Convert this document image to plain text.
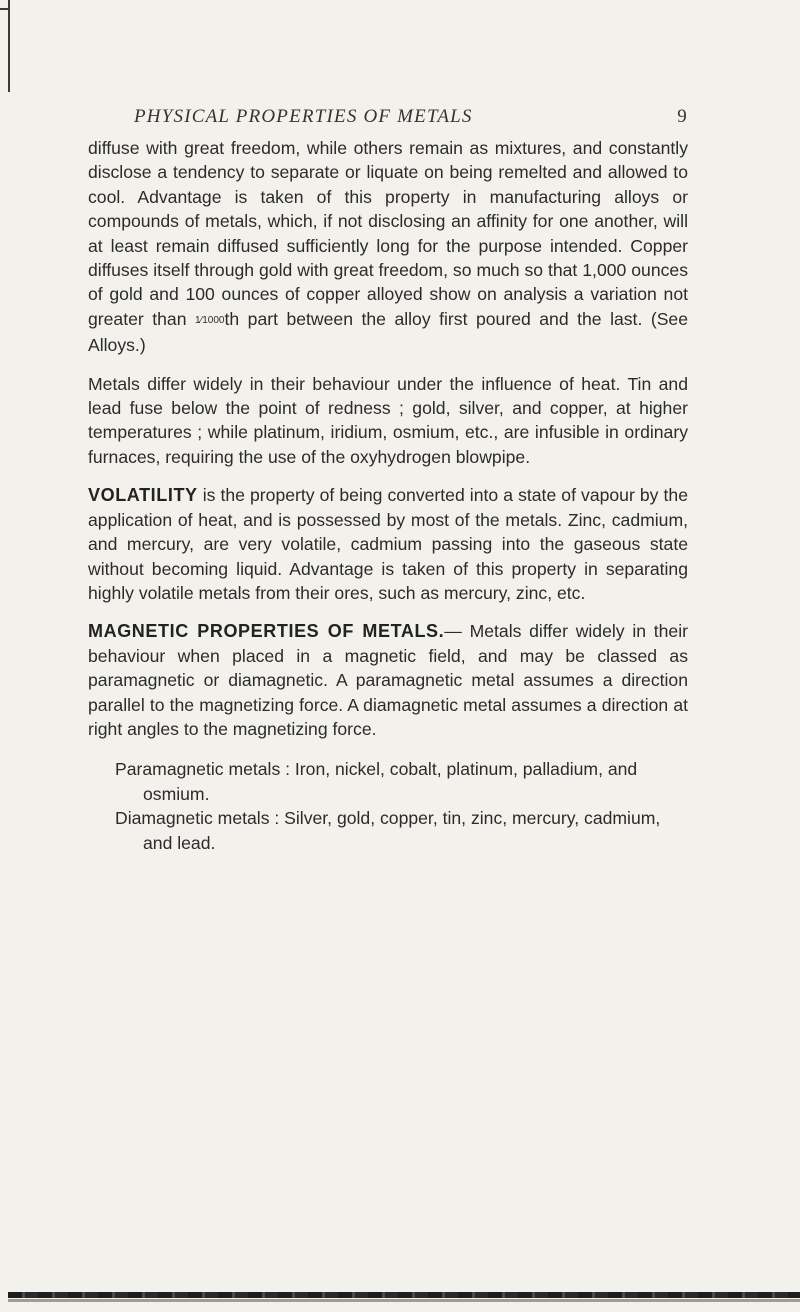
PHYSICAL PROPERTIES OF METALS	9

diffuse with great freedom, while others remain as mixtures, and constantly disclose a tendency to separate or liquate on being remelted and allowed to cool. Advantage is taken of this property in manufacturing alloys or compounds of metals, which, if not disclosing an affinity for one another, will at least remain diffused sufficiently long for the purpose intended. Copper diffuses itself through gold with great freedom, so much so that 1,000 ounces of gold and 100 ounces of copper alloyed show on analysis a variation not greater than 1⁄1000th part between the alloy first poured and the last. (See Alloys.)

Metals differ widely in their behaviour under the influence of heat. Tin and lead fuse below the point of redness ; gold, silver, and copper, at higher temperatures ; while platinum, iridium, osmium, etc., are infusible in ordinary furnaces, requiring the use of the oxyhydrogen blowpipe.

VOLATILITY is the property of being converted into a state of vapour by the application of heat, and is possessed by most of the metals. Zinc, cadmium, and mercury, are very volatile, cadmium passing into the gaseous state without becoming liquid. Advantage is taken of this property in separating highly volatile metals from their ores, such as mercury, zinc, etc.

MAGNETIC PROPERTIES OF METALS.— Metals differ widely in their behaviour when placed in a magnetic field, and may be classed as paramagnetic or diamagnetic. A paramagnetic metal assumes a direction parallel to the magnetizing force. A diamagnetic metal assumes a direction at right angles to the magnetizing force.

Paramagnetic metals : Iron, nickel, cobalt, platinum, palladium, and osmium.
Diamagnetic metals : Silver, gold, copper, tin, zinc, mercury, cadmium, and lead.
